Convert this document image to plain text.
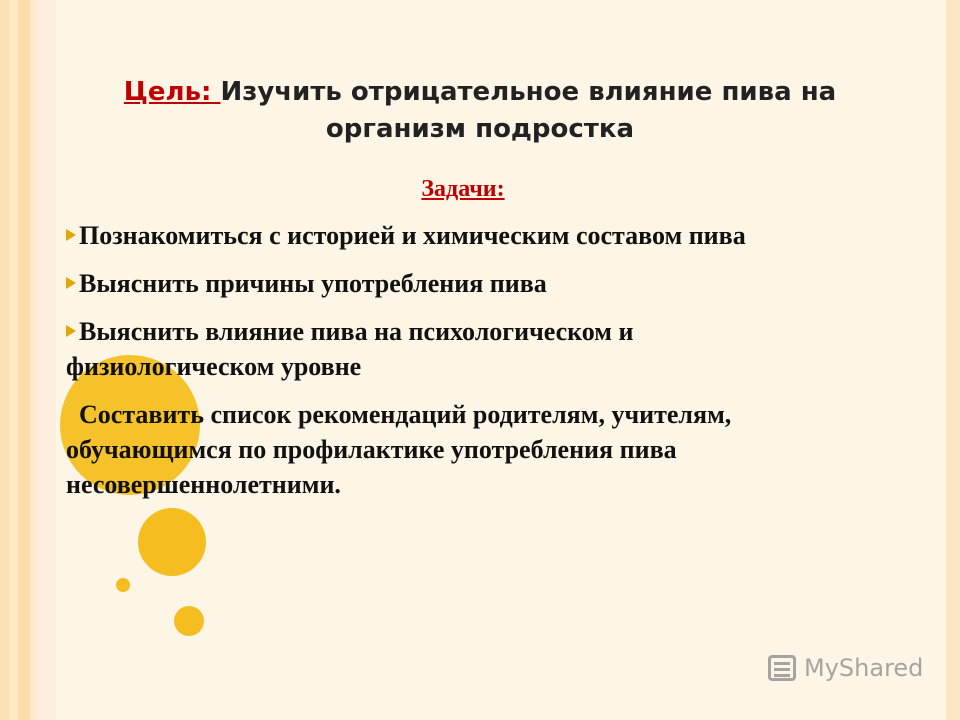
Цель: Изучить отрицательное влияние пива на организм подростка
Задачи:
Познакомиться с историей и химическим составом пива
Выяснить причины употребления пива
Выяснить влияние пива на психологическом и физиологическом уровне
Составить список рекомендаций родителям, учителям, обучающимся по профилактике употребления пива несовершеннолетними.
MyShared
